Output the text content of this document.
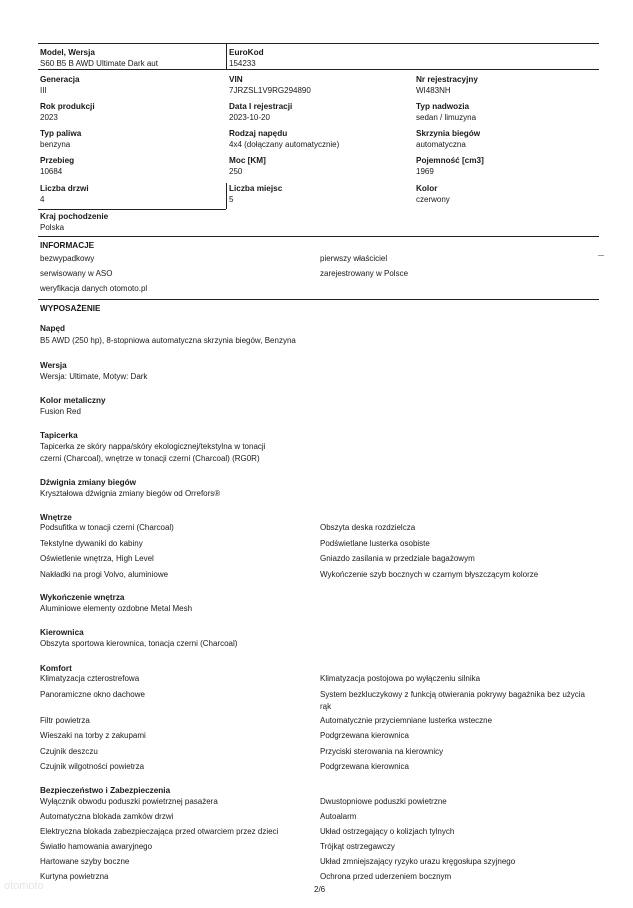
Model, Wersja
S60 B5 B AWD Ultimate Dark aut
EuroKod
154233
Generacja
III
VIN
7JRZSL1V9RG294890
Nr rejestracyjny
WI483NH
Rok produkcji
2023
Data I rejestracji
2023-10-20
Typ nadwozia
sedan / limuzyna
Typ paliwa
benzyna
Rodzaj napędu
4x4 (dołączany automatycznie)
Skrzynia biegów
automatyczna
Przebieg
10684
Moc [KM]
250
Pojemność [cm3]
1969
Liczba drzwi
4
Liczba miejsc
5
Kolor
czerwony
Kraj pochodzenie
Polska
INFORMACJE
bezwypadkowy	pierwszy właściciel
serwisowany w ASO	zarejestrowany w Polsce
weryfikacja danych otomoto.pl
WYPOSAŻENIE
Napęd
B5 AWD (250 hp), 8-stopniowa automatyczna skrzynia biegów, Benzyna
Wersja
Wersja: Ultimate, Motyw: Dark
Kolor metaliczny
Fusion Red
Tapicerka
Tapicerka ze skóry nappa/skóry ekologicznej/tekstylna w tonacji czerni (Charcoal), wnętrze w tonacji czerni (Charcoal) (RG0R)
Dźwignia zmiany biegów
Kryształowa dźwignia zmiany biegów od Orrefors®
Wnętrze
Podsufitka w tonacji czerni (Charcoal)	Obszyta deska rozdzielcza
Tekstylne dywaniki do kabiny	Podświetlane lusterka osobiste
Oświetlenie wnętrza, High Level	Gniazdo zasilania w przedziale bagażowym
Nakładki na progi Volvo, aluminiowe	Wykończenie szyb bocznych w czarnym błyszczącym kolorze
Wykończenie wnętrza
Aluminiowe elementy ozdobne Metal Mesh
Kierownica
Obszyta sportowa kierownica, tonacja czerni (Charcoal)
Komfort
Klimatyzacja czterostrefowa	Klimatyzacja postojowa po wyłączeniu silnika
Panoramiczne okno dachowe	System bezkluczykowy z funkcją otwierania pokrywy bagażnika bez użycia rąk
Filtr powietrza	Automatycznie przyciemniane lusterka wsteczne
Wieszaki na torby z zakupami	Podgrzewana kierownica
Czujnik deszczu	Przyciski sterowania na kierownicy
Czujnik wilgotności powietrza	Podgrzewana kierownica
Bezpieczeństwo i Zabezpieczenia
Wyłącznik obwodu poduszki powietrznej pasażera	Dwustopniowe poduszki powietrzne
Automatyczna blokada zamków drzwi	Autoalarm
Elektryczna blokada zabezpieczająca przed otwarciem przez dzieci	Układ ostrzegający o kolizjach tylnych
Światło hamowania awaryjnego	Trójkąt ostrzegawczy
Hartowane szyby boczne	Układ zmniejszający ryzyko urazu kręgosłupa szyjnego
Kurtyna powietrzna	Ochrona przed uderzeniem bocznym
2/6
otomoto
